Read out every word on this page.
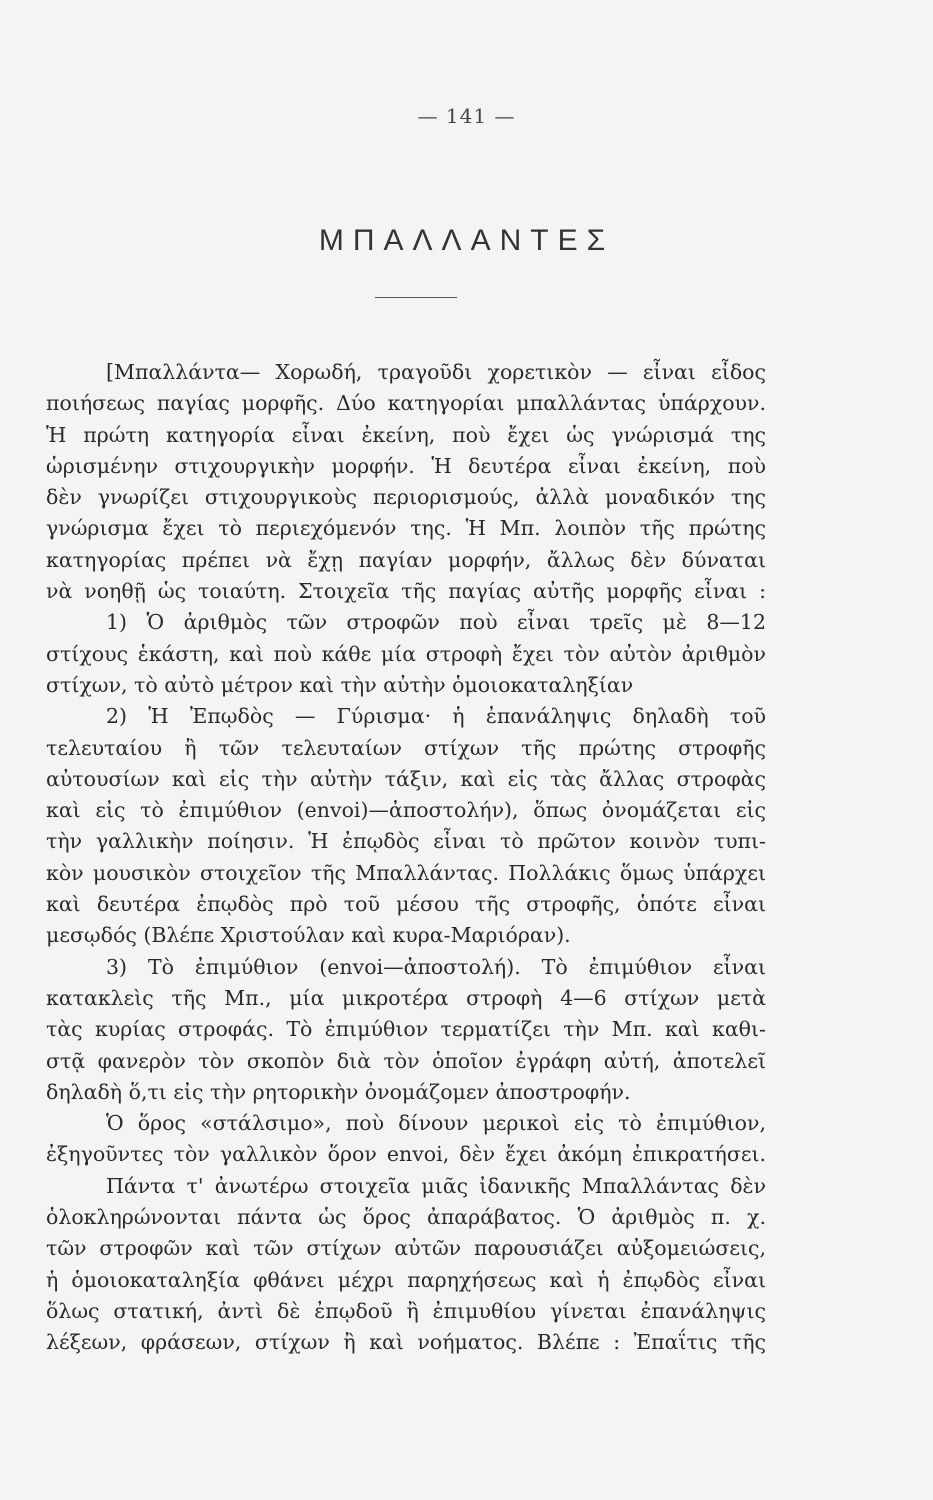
— 141 —
ΜΠΑΛΛΑΝΤΕΣ
[Μπαλλάντα— Χορωδή, τραγοῦδι χορετικὸν — εἶναι εἶδος
ποιήσεως παγίας μορφῆς. Δύο κατηγορίαι μπαλλάντας ὑπάρχουν.
Ἡ πρώτη κατηγορία εἶναι ἐκείνη, ποὺ ἔχει ὡς γνώρισμά της
ὡρισμένην στιχουργικὴν μορφήν. Ἡ δευτέρα εἶναι ἐκείνη, ποὺ
δὲν γνωρίζει στιχουργικοὺς περιορισμούς, ἀλλὰ μοναδικόν της
γνώρισμα ἔχει τὸ περιεχόμενόν της. Ἡ Μπ. λοιπὸν τῆς πρώτης
κατηγορίας πρέπει νὰ ἔχῃ παγίαν μορφήν, ἄλλως δὲν δύναται
νὰ νοηθῇ ὡς τοιαύτη. Στοιχεῖα τῆς παγίας αὐτῆς μορφῆς εἶναι :
1) Ὁ ἀριθμὸς τῶν στροφῶν ποὺ εἶναι τρεῖς μὲ 8—12
στίχους ἑκάστη, καὶ ποὺ κάθε μία στροφὴ ἔχει τὸν αὐτὸν ἀριθμὸν
στίχων, τὸ αὐτὸ μέτρον καὶ τὴν αὐτὴν ὁμοιοκαταληξίαν
2) Ἡ Ἐπῳδὸς — Γύρισμα· ἡ ἐπανάληψις δηλαδὴ τοῦ
τελευταίου ἢ τῶν τελευταίων στίχων τῆς πρώτης στροφῆς
αὐτουσίων καὶ εἰς τὴν αὐτὴν τάξιν, καὶ εἰς τὰς ἄλλας στροφὰς
καὶ εἰς τὸ ἐπιμύθιον (envoi)—ἀποστολήν), ὅπως ὀνομάζεται εἰς
τὴν γαλλικὴν ποίησιν. Ἡ ἐπῳδὸς εἶναι τὸ πρῶτον κοινὸν τυπι-
κὸν μουσικὸν στοιχεῖον τῆς Μπαλλάντας. Πολλάκις ὅμως ὑπάρχει
καὶ δευτέρα ἐπῳδὸς πρὸ τοῦ μέσου τῆς στροφῆς, ὁπότε εἶναι
μεσῳδός (Βλέπε Χριστούλαν καὶ κυρα-Μαριόραν).
3) Τὸ ἐπιμύθιον (envoi—ἀποστολή). Τὸ ἐπιμύθιον εἶναι
κατακλεὶς τῆς Μπ., μία μικροτέρα στροφὴ 4—6 στίχων μετὰ
τὰς κυρίας στροφάς. Τὸ ἐπιμύθιον τερματίζει τὴν Μπ. καὶ καθι-
στᾷ φανερὸν τὸν σκοπὸν διὰ τὸν ὁποῖον ἐγράφη αὐτή, ἀποτελεῖ
δηλαδὴ ὅ,τι εἰς τὴν ρητορικὴν ὀνομάζομεν ἀποστροφήν.
Ὁ ὅρος «στάλσιμο», ποὺ δίνουν μερικοὶ εἰς τὸ ἐπιμύθιον,
ἐξηγοῦντες τὸν γαλλικὸν ὅρον envoi, δὲν ἔχει ἀκόμη ἐπικρατήσει.
Πάντα τ' ἀνωτέρω στοιχεῖα μιᾶς ἰδανικῆς Μπαλλάντας δὲν
ὁλοκληρώνονται πάντα ὡς ὅρος ἀπαράβατος. Ὁ ἀριθμὸς π. χ.
τῶν στροφῶν καὶ τῶν στίχων αὐτῶν παρουσιάζει αὐξομειώσεις,
ἡ ὁμοιοκαταληξία φθάνει μέχρι παρηχήσεως καὶ ἡ ἐπῳδὸς εἶναι
ὅλως στατική, ἀντὶ δὲ ἐπῳδοῦ ἢ ἐπιμυθίου γίνεται ἐπανάληψις
λέξεων, φράσεων, στίχων ἢ καὶ νοήματος. Βλέπε : Ἐπαΐτις τῆς
